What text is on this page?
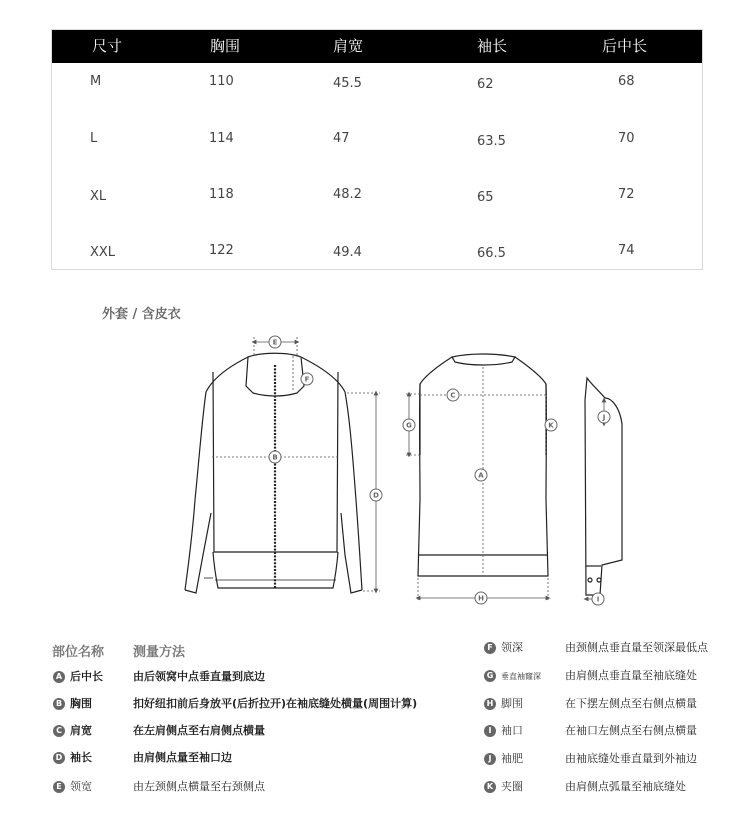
尺寸	胸围	肩宽	袖长	后中长
M	110	45.5	62	68
L	114	47	63.5	70
XL	118	48.2	65	72
XXL	122	49.4	66.5	74
外套 / 含皮衣
E
F
B
D
C
G	K
A
H
J
I
部位名称 测量方法
A 后中长	由后领窝中点垂直量到底边
B 胸围	扣好纽扣前后身放平(后折拉开)在袖底缝处横量(周围计算)
C 肩宽	在左肩侧点至右肩侧点横量
D 袖长	由肩侧点量至袖口边
E 领宽	由左颈侧点横量至右颈侧点
F 领深	由颈侧点垂直量至领深最低点
G 垂直袖窿深 由肩侧点垂直量至袖底缝处
H 脚围	在下摆左侧点至右侧点横量
I 袖口	在袖口左侧点至右侧点横量
J 袖肥	由袖底缝处垂直量到外袖边
K 夹圈	由肩侧点弧量至袖底缝处
